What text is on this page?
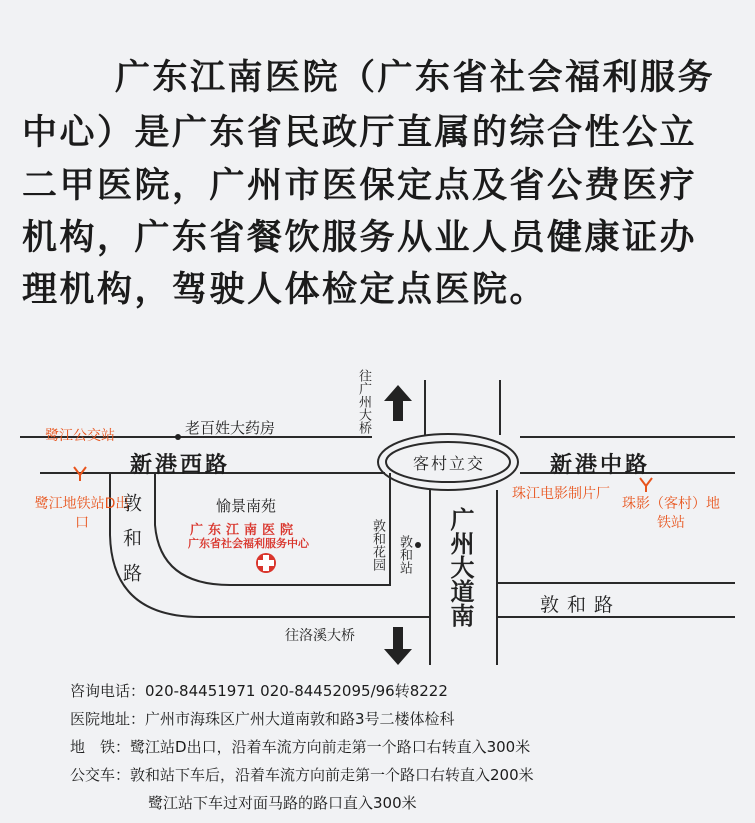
广东江南医院（广东省社会福利服务
中心）是广东省民政厅直属的综合性公立
二甲医院，广州市医保定点及省公费医疗
机构，广东省餐饮服务从业人员健康证办
理机构，驾驶人体检定点医院。
往广州大桥
老百姓大药房
鹭江公交站
新港西路	客村立交	新港中路
珠江电影制片厂
鹭江地铁站D出口
珠影（客村）地铁站
敦和路	愉景南苑
广东江南医院
广东省社会福利服务中心	敦和花园 敦和站 广州大道南	敦和路
往洛溪大桥
咨询电话：020-84451971 020-84452095/96转8222
医院地址：广州市海珠区广州大道南敦和路3号二楼体检科
地　铁：鹭江站D出口，沿着车流方向前走第一个路口右转直入300米
公交车：敦和站下车后，沿着车流方向前走第一个路口右转直入200米
鹭江站下车过对面马路的路口直入300米
